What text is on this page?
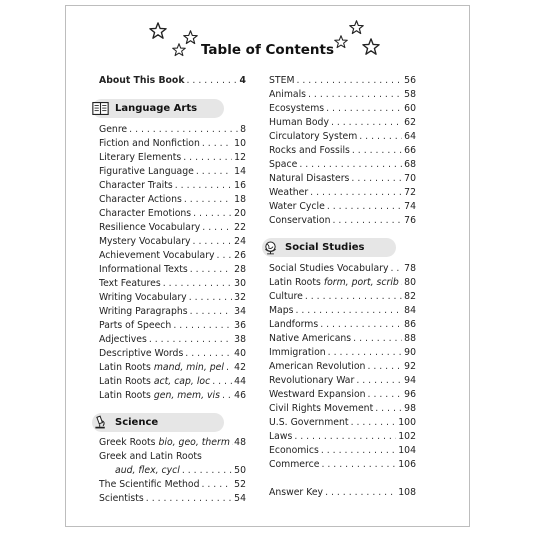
Table of Contents
About This Book . . .	4
Language Arts
Genre . . .	8
Fiction and Nonfiction . . .	10
Literary Elements . . .	12
Figurative Language . . .	14
Character Traits . . .	16
Character Actions . . .	18
Character Emotions . . .	20
Resilience Vocabulary . . .	22
Mystery Vocabulary . . .	24
Achievement Vocabulary . . . 26
Informational Texts . . .	28
Text Features . . .	30
Writing Vocabulary . . .	32
Writing Paragraphs . . .	34
Parts of Speech . . .	36
Adjectives . . .	38
Descriptive Words . . .	40
Latin Roots mand, min, pel . . . 42
Latin Roots act, cap, loc . . .	44
Latin Roots gen, mem, vis . . . 46
Science
Greek Roots bio, geo, therm . . . 48
Greek and Latin Roots
aud, flex, cycl . . .	50
The Scientific Method . . .	52
Scientists . . .	54
STEM . . .	56
Animals . . .	58
Ecosystems . . .	60
Human Body . . .	62
Circulatory System . . .	64
Rocks and Fossils . . .	66
Space . . .	68
Natural Disasters . . .	70
Weather . . .	72
Water Cycle . . .	74
Conservation . . .	76
Social Studies
Social Studies Vocabulary . . . 78
Latin Roots form, port, scrib . . . 80
Culture . . .	82
Maps . . .	84
Landforms . . .	86
Native Americans . . .	88
Immigration . . .	90
American Revolution . . .	92
Revolutionary War . . .	94
Westward Expansion . . .	96
Civil Rights Movement . . .	98
U.S. Government . . .	100
Laws . . .	102
Economics . . .	104
Commerce . . .	106
Answer Key . . .	108
